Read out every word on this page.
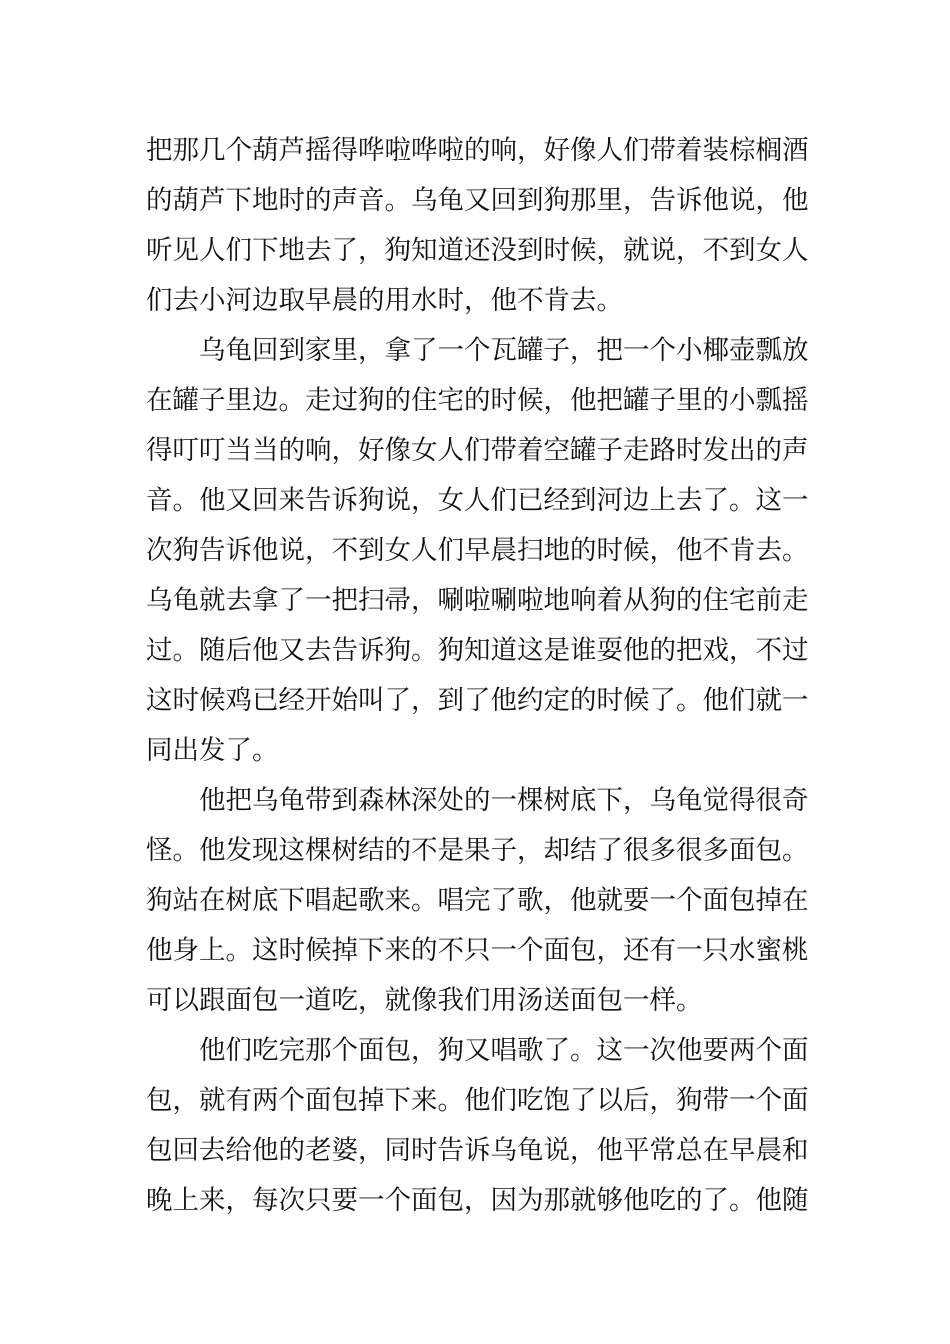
把那几个葫芦摇得哗啦哗啦的响，好像人们带着装棕榈酒
的葫芦下地时的声音。乌龟又回到狗那里，告诉他说，他
听见人们下地去了，狗知道还没到时候，就说，不到女人
们去小河边取早晨的用水时，他不肯去。
乌龟回到家里，拿了一个瓦罐子，把一个小椰壶瓢放
在罐子里边。走过狗的住宅的时候，他把罐子里的小瓢摇
得叮叮当当的响，好像女人们带着空罐子走路时发出的声
音。他又回来告诉狗说，女人们已经到河边上去了。这一
次狗告诉他说，不到女人们早晨扫地的时候，他不肯去。
乌龟就去拿了一把扫帚，唰啦唰啦地响着从狗的住宅前走
过。随后他又去告诉狗。狗知道这是谁耍他的把戏，不过
这时候鸡已经开始叫了，到了他约定的时候了。他们就一
同出发了。
他把乌龟带到森林深处的一棵树底下，乌龟觉得很奇
怪。他发现这棵树结的不是果子，却结了很多很多面包。
狗站在树底下唱起歌来。唱完了歌，他就要一个面包掉在
他身上。这时候掉下来的不只一个面包，还有一只水蜜桃
可以跟面包一道吃，就像我们用汤送面包一样。
他们吃完那个面包，狗又唱歌了。这一次他要两个面
包，就有两个面包掉下来。他们吃饱了以后，狗带一个面
包回去给他的老婆，同时告诉乌龟说，他平常总在早晨和
晚上来，每次只要一个面包，因为那就够他吃的了。他随
